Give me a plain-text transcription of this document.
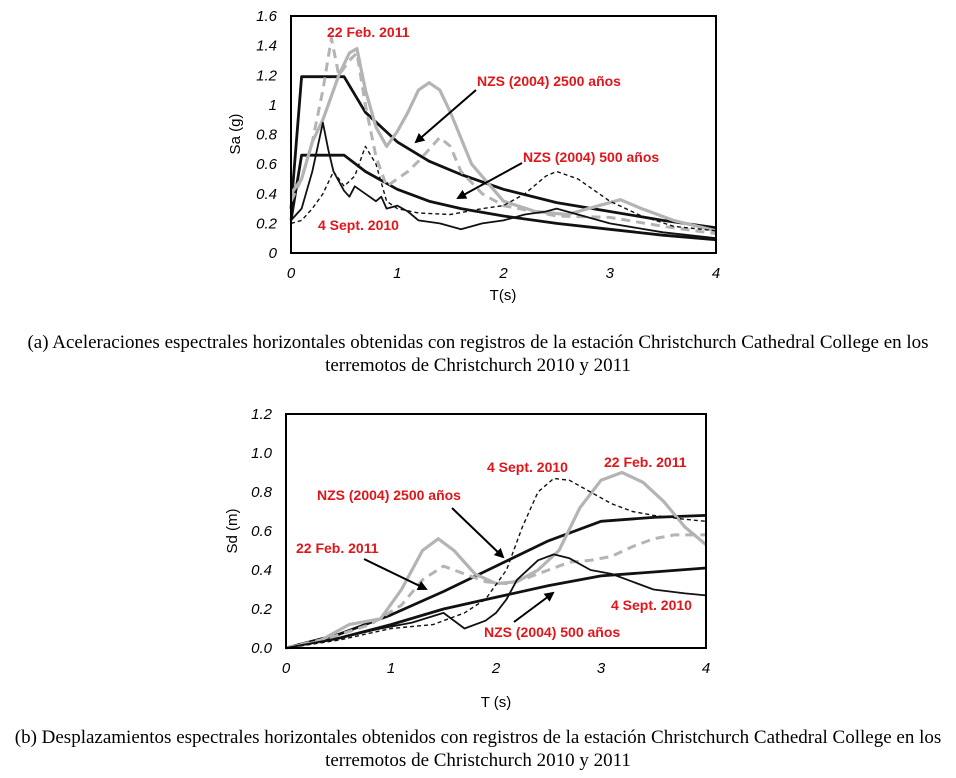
0
0.2
0.4
0.6
0.8
1
1.2
1.4
1.6
0	1	2	3	4
Sa (g)
T(s)
22 Feb. 2011
NZS (2004) 2500 años
NZS (2004) 500 años
4 Sept. 2010
0.0
0.2
0.4
0.6
0.8
1.0
1.2
0	1	2	3	4
Sd (m)
T (s)
NZS (2004) 2500 años
22 Feb. 2011
4 Sept. 2010	22 Feb. 2011
4 Sept. 2010
NZS (2004) 500 años
(a) Aceleraciones espectrales horizontales obtenidas con registros de la estación Christchurch Cathedral College en los terremotos de Christchurch 2010 y 2011
(b) Desplazamientos espectrales horizontales obtenidos con registros de la estación Christchurch Cathedral College en los terremotos de Christchurch 2010 y 2011
